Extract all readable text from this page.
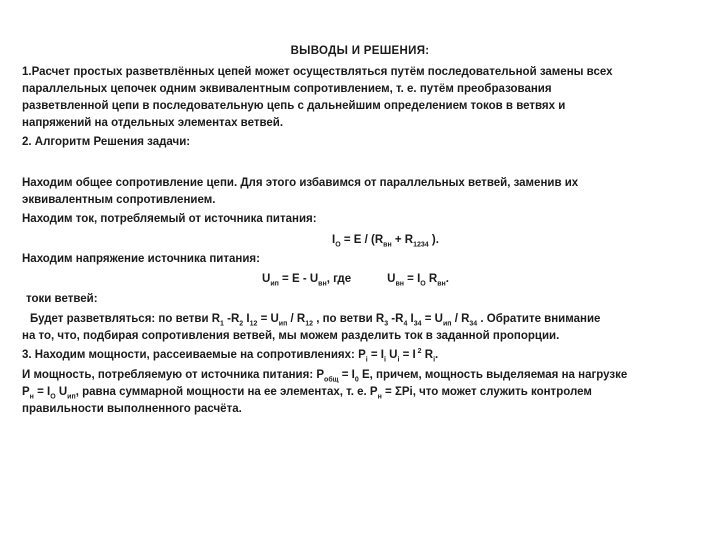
ВЫВОДЫ И РЕШЕНИЯ:
1.Расчет простых разветвлённых цепей может осуществляться путём последовательной замены всех
параллельных цепочек одним эквивалентным сопротивлением, т. е. путём преобразования
разветвленной цепи в последовательную цепь с дальнейшим определением токов в ветвях и
напряжений на отдельных элементах ветвей.
2. Алгоритм Решения задачи:
Находим общее сопротивление цепи. Для этого избавимся от параллельных ветвей, заменив их
эквивалентным сопротивлением.
Находим ток, потребляемый от источника питания:
$I_O = E / (R_{вн} + R_{1234}$ ).
Находим напряжение источника питания:
$U_{ип} = E - U_{вн}$, где	$U_{вн} = I_O$ $R_{вн}$.
токи ветвей:
Будет разветвляться: по ветви $R_1$ $-R_2$ $I_{12} = U_{ип} / R_{12}$ , по ветви $R_3$ $-R_4$ $I_{34} = U_{ип} / R_{34}$ . Обратите внимание
на то, что, подбирая сопротивления ветвей, мы можем разделить ток в заданной пропорции.
3. Находим мощности, рассеиваемые на сопротивлениях: $P_i = I_i$ $U_i = I$ $^2$ $R_i$.
И мощность, потребляемую от источника питания: $P_{общ} = I_0$ E, причем, мощность выделяемая на нагрузке
$P_н = I_O$ $U_{ип}$, равна суммарной мощности на ее элементах, т. е. $P_н = \Sigma Pi$, что может служить контролем
правильности выполненного расчёта.
